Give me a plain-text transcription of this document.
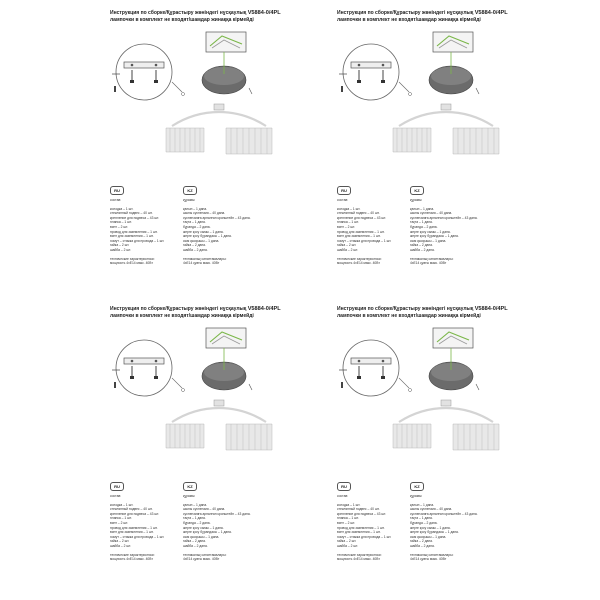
Инструкция по сборке/Құрастыру жөніндегі нұсқаулық V5884-0/4PL
лампочки в комплект не входят/шамдар жинаққа кірмейді
RU	KZ
состав:
колодка – 1 шт.
стеклянный подвес – 40 шт.
крепление для подвеса – 43 шт.
планка – 1 шт.
винт – 2 шт.
провод для заземления – 1 шт.
винт для заземления – 1 шт.
хомут – стяжка для провода – 1 шт.
гайка – 2 шт.
шайба – 2 шт.
технические характеристики:
мощность 4xE14 макс. 40Вт
құрамы:
қалып – 1 дана.
шыны суспензия – 40 дана.
суспензияға арналған кронштейн – 43 дана.
тақта – 1 дана.
бұранда – 2 дана.
жерге қосу сымы – 1 дана.
жерге қосу бұрандасы – 1 дана.
сым қысқышы – 1 дана.
гайка – 2 дана.
шайба – 2 дана.
техникалық сипаттамалары:
4xE14 қуаты макс. 40Вт
Инструкция по сборке/Құрастыру жөніндегі нұсқаулық V5884-0/4PL
лампочки в комплект не входят/шамдар жинаққа кірмейді
RU	KZ
состав:
колодка – 1 шт.
стеклянный подвес – 40 шт.
крепление для подвеса – 43 шт.
планка – 1 шт.
винт – 2 шт.
провод для заземления – 1 шт.
винт для заземления – 1 шт.
хомут – стяжка для провода – 1 шт.
гайка – 2 шт.
шайба – 2 шт.
технические характеристики:
мощность 4xE14 макс. 40Вт
құрамы:
қалып – 1 дана.
шыны суспензия – 40 дана.
суспензияға арналған кронштейн – 43 дана.
тақта – 1 дана.
бұранда – 2 дана.
жерге қосу сымы – 1 дана.
жерге қосу бұрандасы – 1 дана.
сым қысқышы – 1 дана.
гайка – 2 дана.
шайба – 2 дана.
техникалық сипаттамалары:
4xE14 қуаты макс. 40Вт
Инструкция по сборке/Құрастыру жөніндегі нұсқаулық V5884-0/4PL
лампочки в комплект не входят/шамдар жинаққа кірмейді
RU	KZ
состав:
колодка – 1 шт.
стеклянный подвес – 40 шт.
крепление для подвеса – 43 шт.
планка – 1 шт.
винт – 2 шт.
провод для заземления – 1 шт.
винт для заземления – 1 шт.
хомут – стяжка для провода – 1 шт.
гайка – 2 шт.
шайба – 2 шт.
технические характеристики:
мощность 4xE14 макс. 40Вт
құрамы:
қалып – 1 дана.
шыны суспензия – 40 дана.
суспензияға арналған кронштейн – 43 дана.
тақта – 1 дана.
бұранда – 2 дана.
жерге қосу сымы – 1 дана.
жерге қосу бұрандасы – 1 дана.
сым қысқышы – 1 дана.
гайка – 2 дана.
шайба – 2 дана.
техникалық сипаттамалары:
4xE14 қуаты макс. 40Вт
Инструкция по сборке/Құрастыру жөніндегі нұсқаулық V5884-0/4PL
лампочки в комплект не входят/шамдар жинаққа кірмейді
RU	KZ
состав:
колодка – 1 шт.
стеклянный подвес – 40 шт.
крепление для подвеса – 43 шт.
планка – 1 шт.
винт – 2 шт.
провод для заземления – 1 шт.
винт для заземления – 1 шт.
хомут – стяжка для провода – 1 шт.
гайка – 2 шт.
шайба – 2 шт.
технические характеристики:
мощность 4xE14 макс. 40Вт
құрамы:
қалып – 1 дана.
шыны суспензия – 40 дана.
суспензияға арналған кронштейн – 43 дана.
тақта – 1 дана.
бұранда – 2 дана.
жерге қосу сымы – 1 дана.
жерге қосу бұрандасы – 1 дана.
сым қысқышы – 1 дана.
гайка – 2 дана.
шайба – 2 дана.
техникалық сипаттамалары:
4xE14 қуаты макс. 40Вт
